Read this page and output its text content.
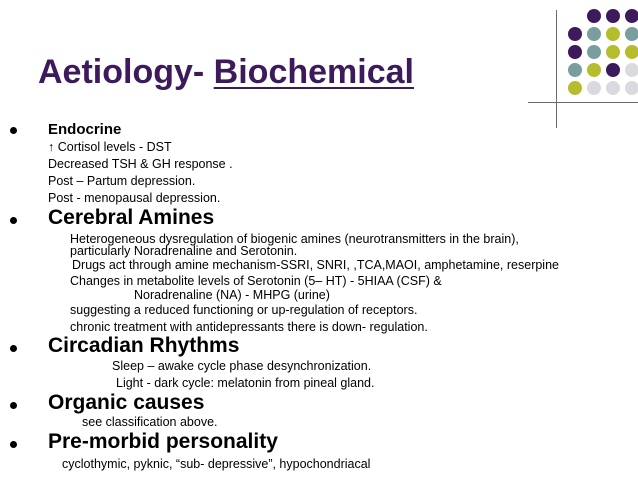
Aetiology- Biochemical
Endocrine
↑ Cortisol levels - DST
Decreased TSH & GH response .
Post – Partum depression.
Post - menopausal depression.
Cerebral Amines
Heterogeneous dysregulation of biogenic amines (neurotransmitters in the brain),
particularly Noradrenaline and Serotonin.
Drugs act through amine mechanism-SSRI, SNRI, ,TCA,MAOI, amphetamine, reserpine
Changes in metabolite levels of Serotonin (5– HT) - 5HIAA (CSF) &
Noradrenaline (NA) - MHPG (urine)
suggesting a reduced functioning or up-regulation of receptors.
chronic treatment with antidepressants there is down- regulation.
Circadian Rhythms
Sleep – awake cycle phase desynchronization.
Light - dark cycle: melatonin from pineal gland.
Organic causes
see classification above.
Pre-morbid personality
cyclothymic, pyknic, “sub- depressive”, hypochondriacal
